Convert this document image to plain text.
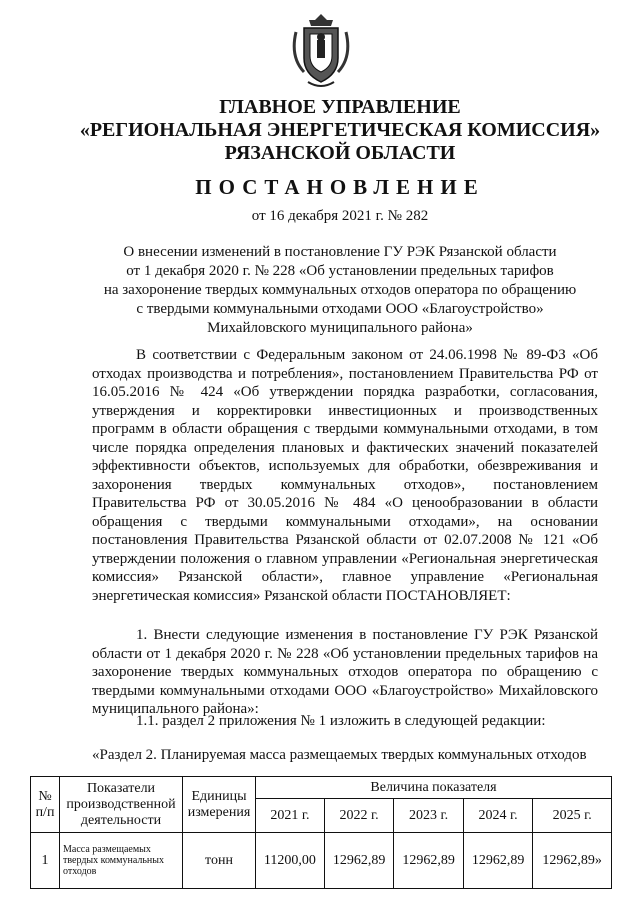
ГЛАВНОЕ УПРАВЛЕНИЕ
«РЕГИОНАЛЬНАЯ ЭНЕРГЕТИЧЕСКАЯ КОМИССИЯ»
РЯЗАНСКОЙ ОБЛАСТИ
ПОСТАНОВЛЕНИЕ
от 16 декабря 2021 г. № 282
О внесении изменений в постановление ГУ РЭК Рязанской области
от 1 декабря 2020 г. № 228 «Об установлении предельных тарифов
на захоронение твердых коммунальных отходов оператора по обращению
с твердыми коммунальными отходами ООО «Благоустройство»
Михайловского муниципального района»
В соответствии с Федеральным законом от 24.06.1998 № 89-ФЗ «Об отходах производства и потребления», постановлением Правительства РФ от 16.05.2016 № 424 «Об утверждении порядка разработки, согласования, утверждения и корректировки инвестиционных и производственных программ в области обращения с твердыми коммунальными отходами, в том числе порядка определения плановых и фактических значений показателей эффективности объектов, используемых для обработки, обезвреживания и захоронения твердых коммунальных отходов», постановлением Правительства РФ от 30.05.2016 № 484 «О ценообразовании в области обращения с твердыми коммунальными отходами», на основании постановления Правительства Рязанской области от 02.07.2008 № 121 «Об утверждении положения о главном управлении «Региональная энергетическая комиссия» Рязанской области», главное управление «Региональная энергетическая комиссия» Рязанской области ПОСТАНОВЛЯЕТ:
1. Внести следующие изменения в постановление ГУ РЭК Рязанской области от 1 декабря 2020 г. № 228 «Об установлении предельных тарифов на захоронение твердых коммунальных отходов оператора по обращению с твердыми коммунальными отходами ООО «Благоустройство» Михайловского муниципального района»:
1.1. раздел 2 приложения № 1 изложить в следующей редакции:
«Раздел 2. Планируемая масса размещаемых твердых коммунальных отходов
№ п/п	Показатели производственной деятельности	Единицы измерения	Величина показателя				
			2021 г.	2022 г.	2023 г.	2024 г.	2025 г.
1	Масса размещаемых твердых коммунальных отходов	тонн	11200,00	12962,89	12962,89	12962,89	12962,89»
